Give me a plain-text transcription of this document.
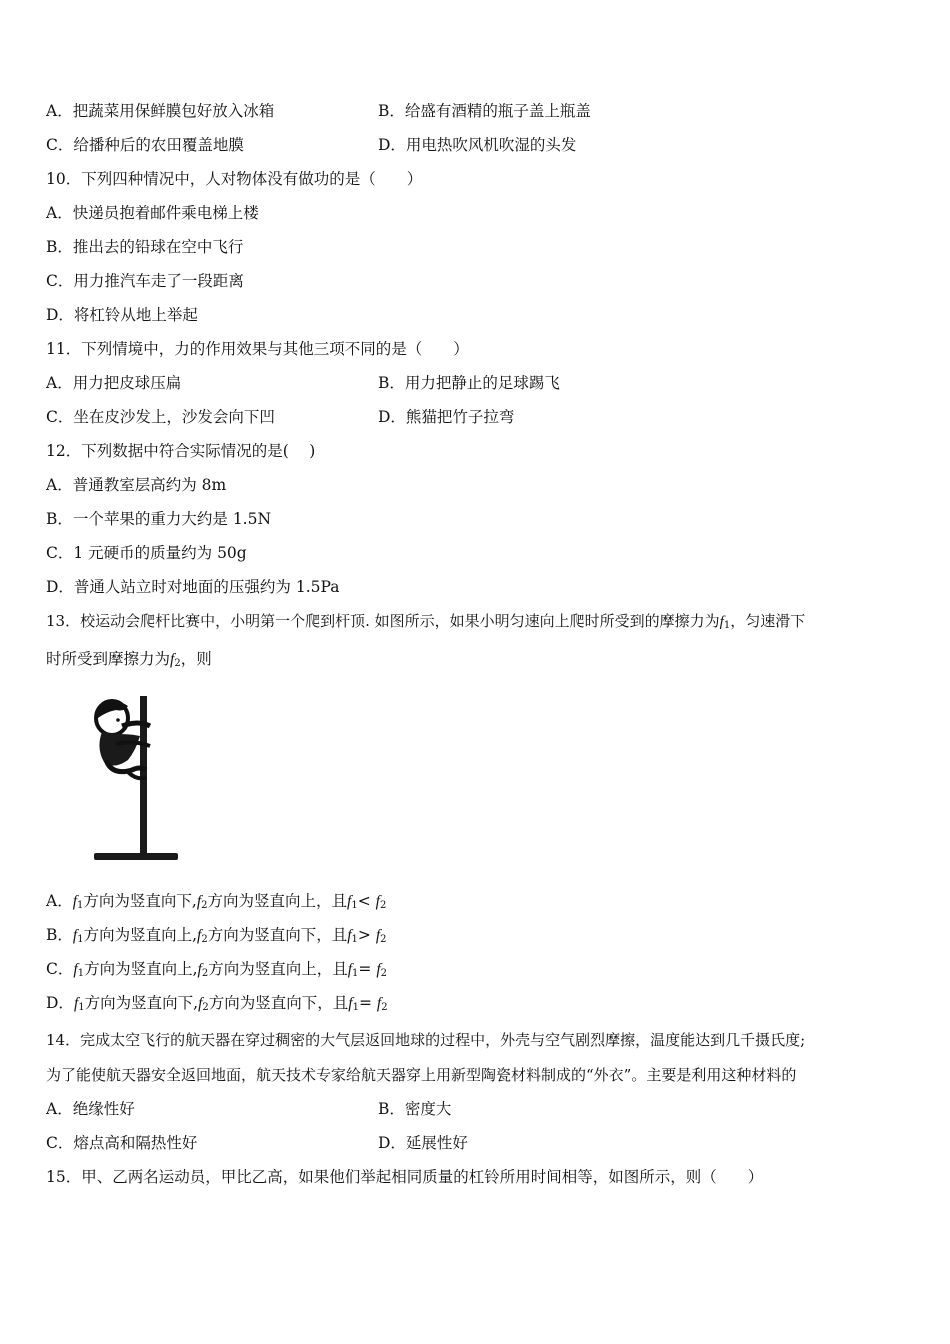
A．把蔬菜用保鲜膜包好放入冰箱	B．给盛有酒精的瓶子盖上瓶盖
C．给播种后的农田覆盖地膜	D．用电热吹风机吹湿的头发
10．下列四种情况中，人对物体没有做功的是（　　）
A．快递员抱着邮件乘电梯上楼
B．推出去的铅球在空中飞行
C．用力推汽车走了一段距离
D．将杠铃从地上举起
11．下列情境中，力的作用效果与其他三项不同的是（　　）
A．用力把皮球压扁	B．用力把静止的足球踢飞
C．坐在皮沙发上，沙发会向下凹	D．熊猫把竹子拉弯
12．下列数据中符合实际情况的是(　 )
A．普通教室层高约为 8m
B．一个苹果的重力大约是 1.5N
C．1 元硬币的质量约为 50g
D．普通人站立时对地面的压强约为 1.5Pa
13．校运动会爬杆比赛中，小明第一个爬到杆顶. 如图所示，如果小明匀速向上爬时所受到的摩擦力为$f_1$，匀速滑下
时所受到摩擦力为$f_2$，则
A．$f_1$方向为竖直向下$,f_2$方向为竖直向上，且$f_1< f_2$
B．$f_1$方向为竖直向上$,f_2$方向为竖直向下，且$f_1> f_2$
C．$f_1$方向为竖直向上$,f_2$方向为竖直向上，且$f_1= f_2$
D．$f_1$方向为竖直向下$,f_2$方向为竖直向下，且$f_1= f_2$
14．完成太空飞行的航天器在穿过稠密的大气层返回地球的过程中，外壳与空气剧烈摩擦，温度能达到几千摄氏度;
为了能使航天器安全返回地面，航天技术专家给航天器穿上用新型陶瓷材料制成的“外衣”。主要是利用这种材料的
A．绝缘性好	B．密度大
C．熔点高和隔热性好	D．延展性好
15．甲、乙两名运动员，甲比乙高，如果他们举起相同质量的杠铃所用时间相等，如图所示，则（　　）
